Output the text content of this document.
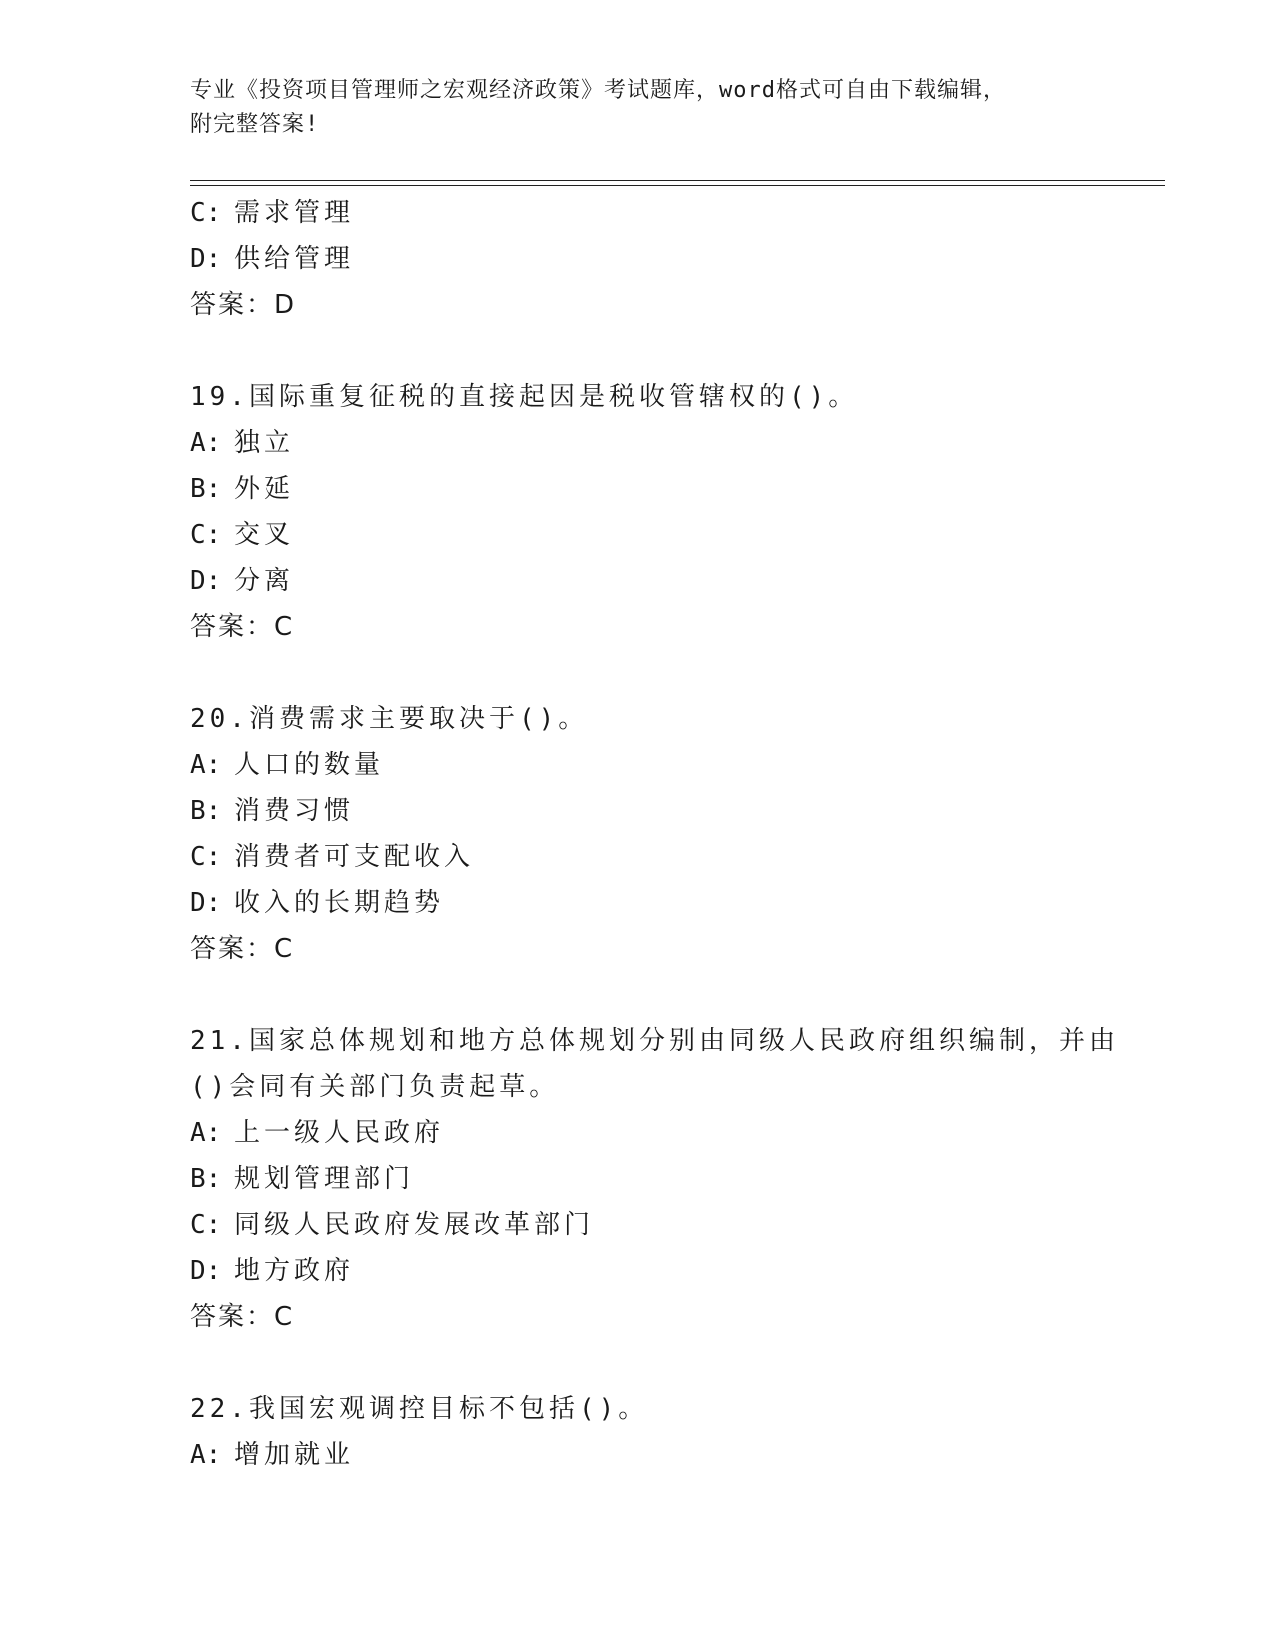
专业《投资项目管理师之宏观经济政策》考试题库，word格式可自由下载编辑，
附完整答案!
C: 需求管理
D: 供给管理
答案：D
19.国际重复征税的直接起因是税收管辖权的()。
A: 独立
B: 外延
C: 交叉
D: 分离
答案：C
20.消费需求主要取决于()。
A: 人口的数量
B: 消费习惯
C: 消费者可支配收入
D: 收入的长期趋势
答案：C
21.国家总体规划和地方总体规划分别由同级人民政府组织编制，并由
()会同有关部门负责起草。
A: 上一级人民政府
B: 规划管理部门
C: 同级人民政府发展改革部门
D: 地方政府
答案：C
22.我国宏观调控目标不包括()。
A: 增加就业
